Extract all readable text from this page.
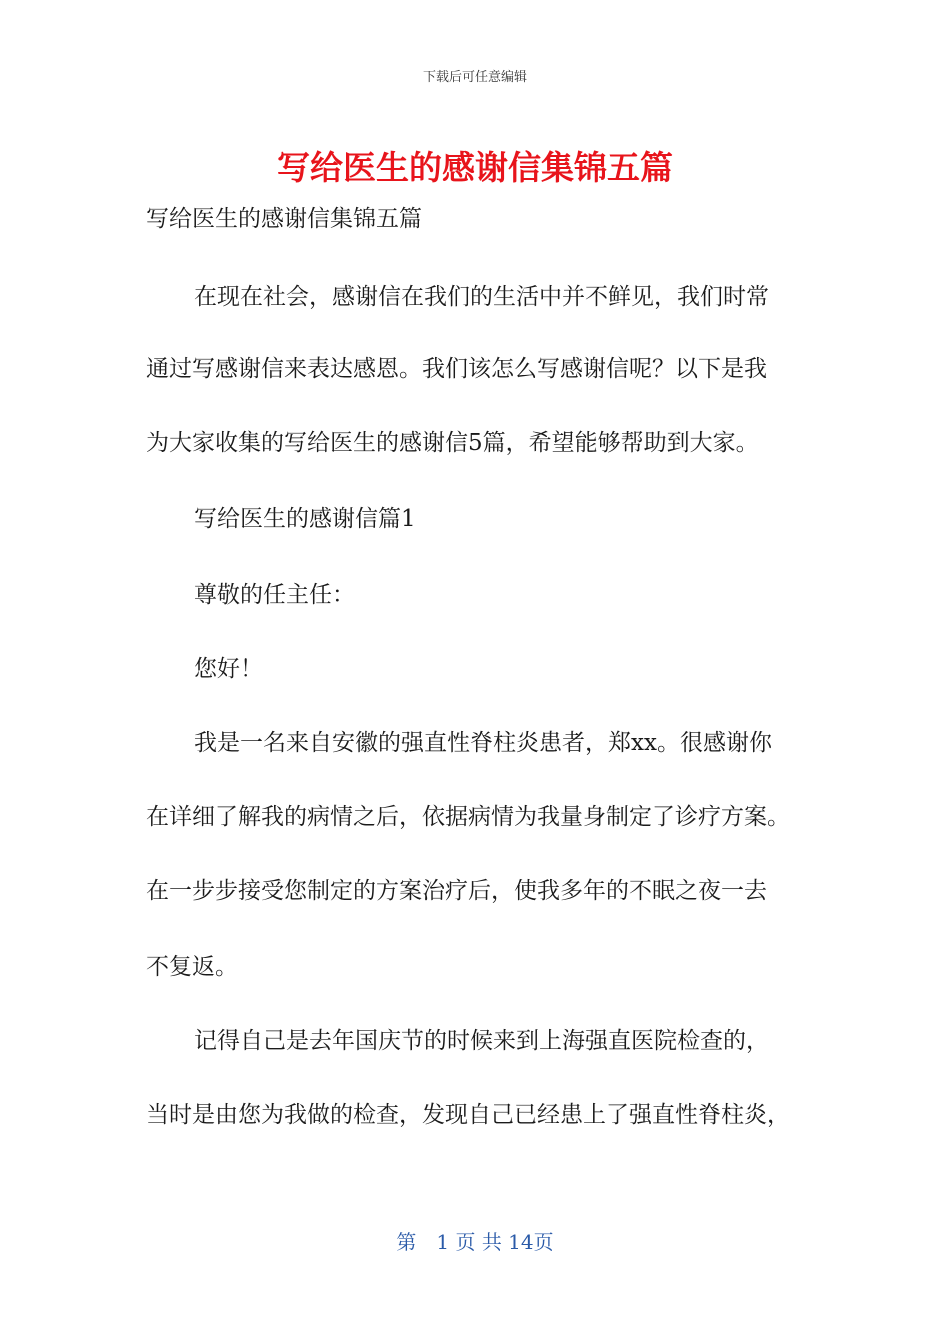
下载后可任意编辑
写给医生的感谢信集锦五篇
写给医生的感谢信集锦五篇
在现在社会，感谢信在我们的生活中并不鲜见，我们时常
通过写感谢信来表达感恩。我们该怎么写感谢信呢？以下是我
为大家收集的写给医生的感谢信5篇，希望能够帮助到大家。
写给医生的感谢信篇1
尊敬的任主任：
您好！
我是一名来自安徽的强直性脊柱炎患者，郑xx。很感谢你
在详细了解我的病情之后，依据病情为我量身制定了诊疗方案。
在一步步接受您制定的方案治疗后，使我多年的不眠之夜一去
不复返。
记得自己是去年国庆节的时候来到上海强直医院检查的，
当时是由您为我做的检查，发现自己已经患上了强直性脊柱炎，
第　1 页 共 14页
